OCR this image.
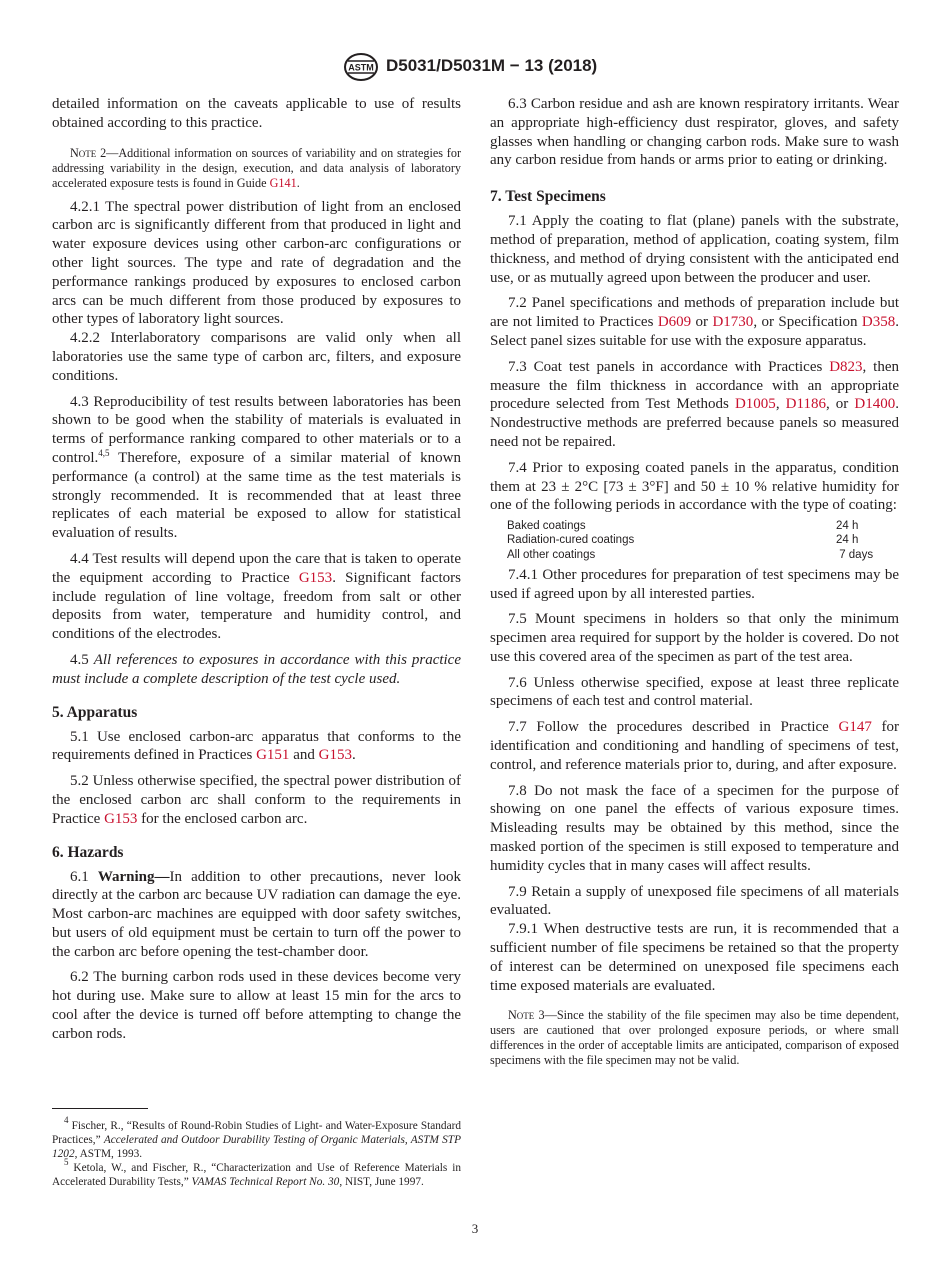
ASTM D5031/D5031M − 13 (2018)

detailed information on the caveats applicable to use of results obtained according to this practice.

Note 2—Additional information on sources of variability and on strategies for addressing variability in the design, execution, and data analysis of laboratory accelerated exposure tests is found in Guide G141.

4.2.1 The spectral power distribution of light from an enclosed carbon arc is significantly different from that produced in light and water exposure devices using other carbon-arc configurations or other light sources. The type and rate of degradation and the performance rankings produced by exposures to enclosed carbon arcs can be much different from those produced by exposures to other types of laboratory light sources.

4.2.2 Interlaboratory comparisons are valid only when all laboratories use the same type of carbon arc, filters, and exposure conditions.

4.3 Reproducibility of test results between laboratories has been shown to be good when the stability of materials is evaluated in terms of performance ranking compared to other materials or to a control.$^{4,5}$ Therefore, exposure of a similar material of known performance (a control) at the same time as the test materials is strongly recommended. It is recommended that at least three replicates of each material be exposed to allow for statistical evaluation of results.

4.4 Test results will depend upon the care that is taken to operate the equipment according to Practice G153. Significant factors include regulation of line voltage, freedom from salt or other deposits from water, temperature and humidity control, and conditions of the electrodes.

4.5 All references to exposures in accordance with this practice must include a complete description of the test cycle used.

5. Apparatus

5.1 Use enclosed carbon-arc apparatus that conforms to the requirements defined in Practices G151 and G153.

5.2 Unless otherwise specified, the spectral power distribution of the enclosed carbon arc shall conform to the requirements in Practice G153 for the enclosed carbon arc.

6. Hazards

6.1 Warning—In addition to other precautions, never look directly at the carbon arc because UV radiation can damage the eye. Most carbon-arc machines are equipped with door safety switches, but users of old equipment must be certain to turn off the power to the carbon arc before opening the test-chamber door.

6.2 The burning carbon rods used in these devices become very hot during use. Make sure to allow at least 15 min for the arcs to cool after the device is turned off before attempting to change the carbon rods.

$^4$ Fischer, R., “Results of Round-Robin Studies of Light- and Water-Exposure Standard Practices,” Accelerated and Outdoor Durability Testing of Organic Materials, ASTM STP 1202, ASTM, 1993.

$^5$ Ketola, W., and Fischer, R., “Characterization and Use of Reference Materials in Accelerated Durability Tests,” VAMAS Technical Report No. 30, NIST, June 1997.

6.3 Carbon residue and ash are known respiratory irritants. Wear an appropriate high-efficiency dust respirator, gloves, and safety glasses when handling or changing carbon rods. Make sure to wash any carbon residue from hands or arms prior to eating or drinking.

7. Test Specimens

7.1 Apply the coating to flat (plane) panels with the substrate, method of preparation, method of application, coating system, film thickness, and method of drying consistent with the anticipated end use, or as mutually agreed upon between the producer and user.

7.2 Panel specifications and methods of preparation include but are not limited to Practices D609 or D1730, or Specification D358. Select panel sizes suitable for use with the exposure apparatus.

7.3 Coat test panels in accordance with Practices D823, then measure the film thickness in accordance with an appropriate procedure selected from Test Methods D1005, D1186, or D1400. Nondestructive methods are preferred because panels so measured need not be repaired.

7.4 Prior to exposing coated panels in the apparatus, condition them at 23 ± 2°C [73 ± 3°F] and 50 ± 10 % relative humidity for one of the following periods in accordance with the type of coating:

Baked coatings	24 h
Radiation-cured coatings	24 h
All other coatings	7 days

7.4.1 Other procedures for preparation of test specimens may be used if agreed upon by all interested parties.

7.5 Mount specimens in holders so that only the minimum specimen area required for support by the holder is covered. Do not use this covered area of the specimen as part of the test area.

7.6 Unless otherwise specified, expose at least three replicate specimens of each test and control material.

7.7 Follow the procedures described in Practice G147 for identification and conditioning and handling of specimens of test, control, and reference materials prior to, during, and after exposure.

7.8 Do not mask the face of a specimen for the purpose of showing on one panel the effects of various exposure times. Misleading results may be obtained by this method, since the masked portion of the specimen is still exposed to temperature and humidity cycles that in many cases will affect results.

7.9 Retain a supply of unexposed file specimens of all materials evaluated.

7.9.1 When destructive tests are run, it is recommended that a sufficient number of file specimens be retained so that the property of interest can be determined on unexposed file specimens each time exposed materials are evaluated.

Note 3—Since the stability of the file specimen may also be time dependent, users are cautioned that over prolonged exposure periods, or where small differences in the order of acceptable limits are anticipated, comparison of exposed specimens with the file specimen may not be valid.

3
